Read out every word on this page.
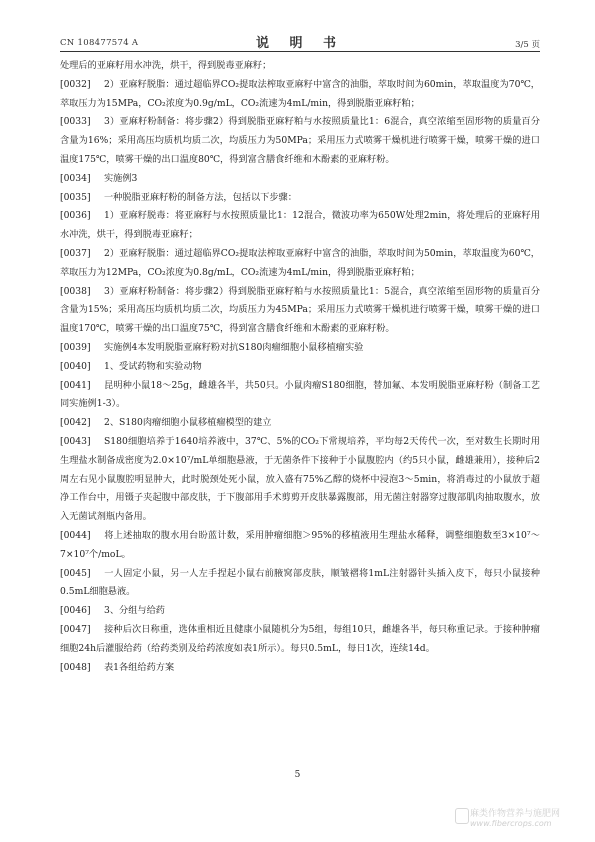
CN 108477574 A	说 明 书	3/5 页

处理后的亚麻籽用水冲洗，烘干，得到脱毒亚麻籽；

[0032] 2）亚麻籽脱脂：通过超临界CO₂提取法榨取亚麻籽中富含的油脂，萃取时间为60min，萃取温度为70℃，萃取压力为15MPa，CO₂浓度为0.9g/mL，CO₂流速为4mL/min，得到脱脂亚麻籽粕；

[0033] 3）亚麻籽粉制备：将步骤2）得到脱脂亚麻籽粕与水按照质量比1：6混合，真空浓缩至固形物的质量百分含量为16%；采用高压均质机均质二次，均质压力为50MPa；采用压力式喷雾干燥机进行喷雾干燥，喷雾干燥的进口温度175℃，喷雾干燥的出口温度80℃，得到富含膳食纤维和木酚素的亚麻籽粉。

[0034] 实施例3

[0035] 一种脱脂亚麻籽粉的制备方法，包括以下步骤：

[0036] 1）亚麻籽脱毒：将亚麻籽与水按照质量比1：12混合，微波功率为650W处理2min，将处理后的亚麻籽用水冲洗，烘干，得到脱毒亚麻籽；

[0037] 2）亚麻籽脱脂：通过超临界CO₂提取法榨取亚麻籽中富含的油脂，萃取时间为50min，萃取温度为60℃，萃取压力为12MPa，CO₂浓度为0.8g/mL，CO₂流速为4mL/min，得到脱脂亚麻籽粕；

[0038] 3）亚麻籽粉制备：将步骤2）得到脱脂亚麻籽粕与水按照质量比1：5混合，真空浓缩至固形物的质量百分含量为15%；采用高压均质机均质二次，均质压力为45MPa；采用压力式喷雾干燥机进行喷雾干燥，喷雾干燥的进口温度170℃，喷雾干燥的出口温度75℃，得到富含膳食纤维和木酚素的亚麻籽粉。

[0039] 实施例4本发明脱脂亚麻籽粉对抗S180肉瘤细胞小鼠移植瘤实验

[0040] 1、受试药物和实验动物

[0041] 昆明种小鼠18～25g，雌雄各半，共50只。小鼠肉瘤S180细胞，替加氟、本发明脱脂亚麻籽粉（制备工艺同实施例1-3）。

[0042] 2、S180肉瘤细胞小鼠移植瘤模型的建立

[0043] S180细胞培养于1640培养液中，37℃、5%的CO₂下常规培养，平均每2天传代一次，至对数生长期时用生理盐水制备成密度为2.0×10⁷/mL单细胞悬液，于无菌条件下接种于小鼠腹腔内（约5只小鼠，雌雄兼用），接种后2周左右见小鼠腹腔明显肿大，此时脱颈处死小鼠，放入盛有75%乙醇的烧杯中浸泡3～5min，将消毒过的小鼠放于超净工作台中，用镊子夹起腹中部皮肤，于下腹部用手术剪剪开皮肤暴露腹部，用无菌注射器穿过腹部肌肉抽取腹水，放入无菌试剂瓶内备用。

[0044] 将上述抽取的腹水用台盼蓝计数，采用肿瘤细胞＞95%的移植液用生理盐水稀释，调整细胞数至3×10⁷～7×10⁷个/moL。

[0045] 一人固定小鼠，另一人左手捏起小鼠右前腋窝部皮肤，顺皱褶将1mL注射器针头插入皮下，每只小鼠接种0.5mL细胞悬液。

[0046] 3、分组与给药

[0047] 接种后次日称重，选体重相近且健康小鼠随机分为5组，每组10只，雌雄各半，每只称重记录。于接种肿瘤细胞24h后灌服给药（给药类别及给药浓度如表1所示）。每只0.5mL，每日1次，连续14d。

[0048] 表1各组给药方案

5
麻类作物营养与施肥网
www.fibercrops.com
